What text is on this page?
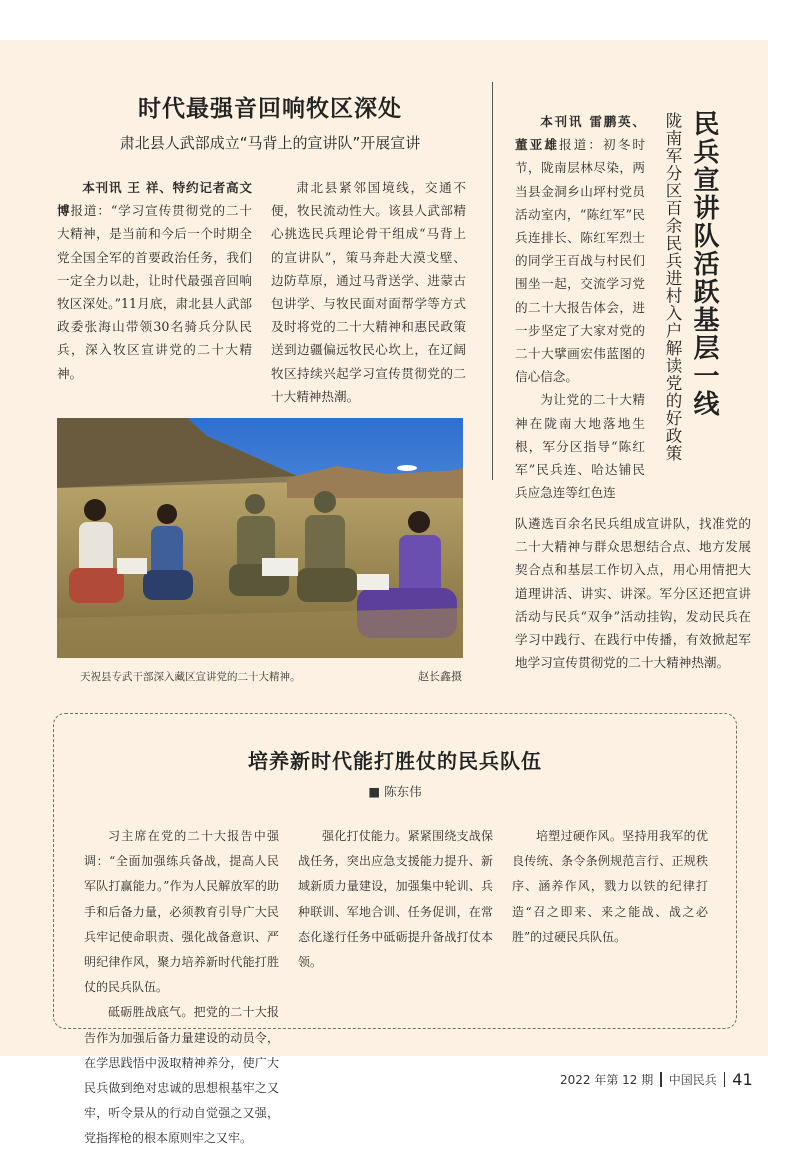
时代最强音回响牧区深处
肃北县人武部成立“马背上的宣讲队”开展宣讲

本刊讯 王 祥、特约记者高文博报道：“学习宣传贯彻党的二十大精神，是当前和今后一个时期全党全国全军的首要政治任务，我们一定全力以赴，让时代最强音回响牧区深处。”11月底，肃北县人武部政委张海山带领30名骑兵分队民兵，深入牧区宣讲党的二十大精神。

肃北县紧邻国境线，交通不便，牧民流动性大。该县人武部精心挑选民兵理论骨干组成“马背上的宣讲队”，策马奔赴大漠戈壁、边防草原，通过马背送学、进蒙古包讲学、与牧民面对面帮学等方式及时将党的二十大精神和惠民政策送到边疆偏远牧民心坎上，在辽阔牧区持续兴起学习宣传贯彻党的二十大精神热潮。

天祝县专武干部深入藏区宣讲党的二十大精神。	赵长鑫摄
民兵宣讲队活跃基层一线
陇南军分区百余民兵进村入户解读党的好政策

本刊讯 雷鹏英、董亚雄报道：初冬时节，陇南层林尽染，两当县金洞乡山坪村党员活动室内，“陈红军”民兵连排长、陈红军烈士的同学王百战与村民们围坐一起，交流学习党的二十大报告体会，进一步坚定了大家对党的二十大擘画宏伟蓝图的信心信念。

为让党的二十大精神在陇南大地落地生根，军分区指导“陈红军”民兵连、哈达铺民兵应急连等红色连

队遴选百余名民兵组成宣讲队，找准党的二十大精神与群众思想结合点、地方发展契合点和基层工作切入点，用心用情把大道理讲活、讲实、讲深。军分区还把宣讲活动与民兵“双争”活动挂钩，发动民兵在学习中践行、在践行中传播，有效掀起军地学习宣传贯彻党的二十大精神热潮。

培养新时代能打胜仗的民兵队伍
■ 陈东伟

习主席在党的二十大报告中强调：“全面加强练兵备战，提高人民军队打赢能力。”作为人民解放军的助手和后备力量，必须教育引导广大民兵牢记使命职责、强化战备意识、严明纪律作风，聚力培养新时代能打胜仗的民兵队伍。

砥砺胜战底气。把党的二十大报告作为加强后备力量建设的动员令，在学思践悟中汲取精神养分，使广大民兵做到绝对忠诚的思想根基牢之又牢，听令景从的行动自觉强之又强，党指挥枪的根本原则牢之又牢。

强化打仗能力。紧紧围绕支战保战任务，突出应急支援能力提升、新域新质力量建设，加强集中轮训、兵种联训、军地合训、任务促训，在常态化遂行任务中砥砺提升备战打仗本领。

培塑过硬作风。坚持用我军的优良传统、条令条例规范言行、正规秩序、涵养作风，戮力以铁的纪律打造“召之即来、来之能战、战之必胜”的过硬民兵队伍。

2022 年第 12 期 中国民兵 41
